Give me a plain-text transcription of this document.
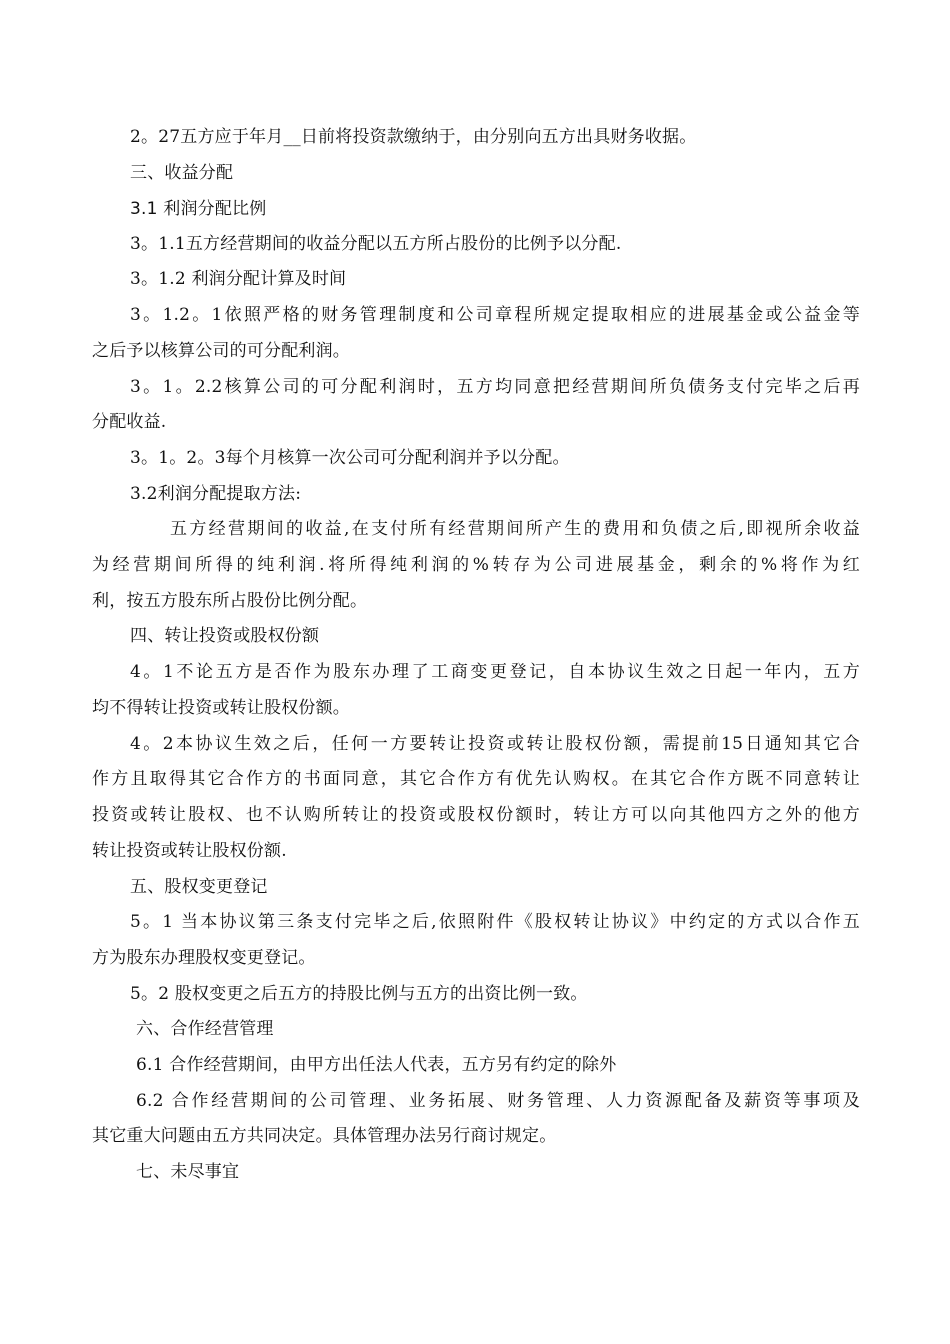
2。27五方应于年月__日前将投资款缴纳于，由分别向五方出具财务收据。
三、收益分配
3.1 利润分配比例
3。1.1五方经营期间的收益分配以五方所占股份的比例予以分配.
3。1.2 利润分配计算及时间
3。1.2。1依照严格的财务管理制度和公司章程所规定提取相应的进展基金或公益金等
之后予以核算公司的可分配利润。
3。1。2.2核算公司的可分配利润时，五方均同意把经营期间所负债务支付完毕之后再
分配收益.
3。1。2。3每个月核算一次公司可分配利润并予以分配。
3.2利润分配提取方法:
五方经营期间的收益,在支付所有经营期间所产生的费用和负债之后,即视所余收益
为经营期间所得的纯利润.将所得纯利润的%转存为公司进展基金，剩余的%将作为红
利，按五方股东所占股份比例分配。
四、转让投资或股权份额
4。1不论五方是否作为股东办理了工商变更登记，自本协议生效之日起一年内，五方
均不得转让投资或转让股权份额。
4。2本协议生效之后，任何一方要转让投资或转让股权份额，需提前15日通知其它合
作方且取得其它合作方的书面同意，其它合作方有优先认购权。在其它合作方既不同意转让
投资或转让股权、也不认购所转让的投资或股权份额时，转让方可以向其他四方之外的他方
转让投资或转让股权份额.
五、股权变更登记
5。1 当本协议第三条支付完毕之后,依照附件《股权转让协议》中约定的方式以合作五
方为股东办理股权变更登记。
5。2 股权变更之后五方的持股比例与五方的出资比例一致。
六、合作经营管理
6.1 合作经营期间，由甲方出任法人代表，五方另有约定的除外
6.2 合作经营期间的公司管理、业务拓展、财务管理、人力资源配备及薪资等事项及
其它重大问题由五方共同决定。具体管理办法另行商讨规定。
七、未尽事宜
